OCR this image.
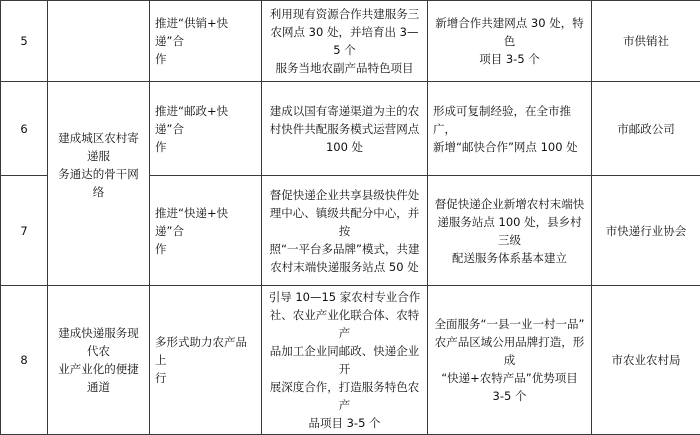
5		推进“供销+快递”合
作	利用现有资源合作共建服务三
农网点 30 处，并培育出 3—5 个
服务当地农副产品特色项目	新增合作共建网点 30 处，特色
项目 3-5 个	市供销社
6	建成城区农村寄递服
务通达的骨干网络	推进“邮政+快递”合
作	建成以国有寄递渠道为主的农
村快件共配服务模式运营网点
100 处	形成可复制经验，在全市推广，
新增“邮快合作”网点 100 处	市邮政公司
7		推进“快递+快递”合
作	督促快递企业共享县级快件处
理中心、镇级共配分中心，并按
照“一平台多品牌”模式，共建
农村末端快递服务站点 50 处	督促快递企业新增农村末端快
递服务站点 100 处，县乡村三级
配送服务体系基本建立	市快递行业协会
8	建成快递服务现代农
业产业化的便捷通道	多形式助力农产品上
行	引导 10—15 家农村专业合作
社、农业产业化联合体、农特产
品加工企业同邮政、快递企业开
展深度合作，打造服务特色农产
品项目 3-5 个	全面服务“一县一业一村一品”
农产品区域公用品牌打造，形成
“快递+农特产品”优势项目
3-5 个	市农业农村局
